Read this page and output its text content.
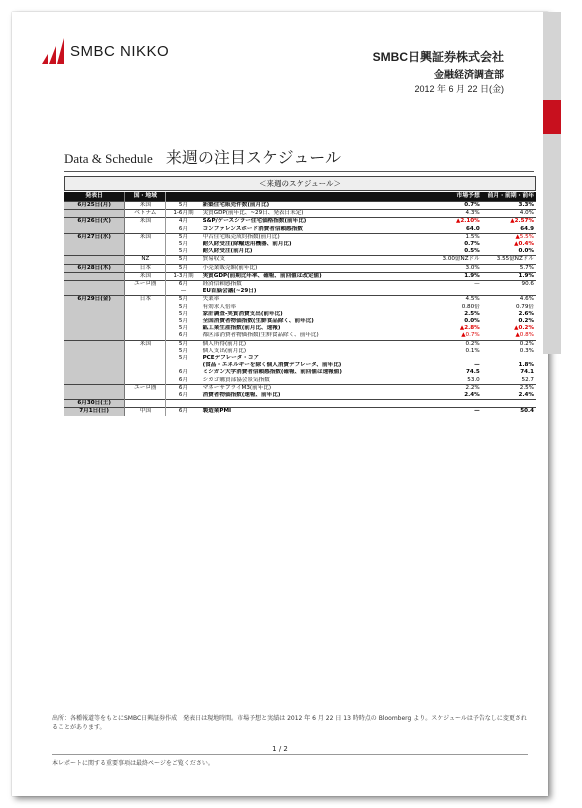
SMBC NIKKO	SMBC日興証券株式会社
金融経済調査部
2012 年 6 月 22 日(金)
Data & Schedule 来週の注目スケジュール
＜来週のスケジュール＞
発表日	国・地域			市場予想	前月・前期・前年
6月25日(月)	米国	5月	新築住宅販売件数(前月比)	0.7%	3.3%
	ベトナム	1-6月期	実質GDP(前年比、~29日、発表日未定)	4.3%	4.0%
6月26日(火)	米国	4月	S&P/ケースシラー住宅価格指数(前年比)	▲2.10%	▲2.57%
		6月	コンファレンスボード消費者信頼感指数	64.0	64.9
6月27日(水)	米国	5月	中古住宅販売成約指数(前月比)	1.5%	▲5.5%
		5月	耐久財受注(除輸送用機器、前月比)	0.7%	▲0.4%
		5月	耐久財受注(前月比)	0.5%	0.0%
	NZ	5月	貿易収支	3.00億NZドル	3.55億NZドル
6月28日(木)	日本	5月	小売業販売額(前年比)	3.0%	5.7%
	米国	1-3月期	実質GDP(前期比年率、確報、前回値は改定値)	1.9%	1.9%
	ユーロ圏	6月	経済信頼感指数	—	90.6
		—	EU首脳会議(~29日)		
6月29日(金)	日本	5月	失業率	4.5%	4.6%
		5月	有効求人倍率	0.80倍	0.79倍
		5月	家計調査-実質消費支出(前年比)	2.5%	2.6%
		5月	全国消費者物価指数(生鮮食品除く、前年比)	0.0%	0.2%
		5月	鉱工業生産指数(前月比、速報)	▲2.8%	▲0.2%
		6月	都区部消費者物価指数(生鮮食品除く、前年比)	▲0.7%	▲0.8%
	米国	5月	個人所得(前月比)	0.2%	0.2%
		5月	個人支出(前月比)	0.1%	0.3%
		5月	PCEデフレータ・コア		
			(食品・エネルギーを除く個人消費デフレータ、前年比)	—	1.8%
		6月	ミシガン大学消費者信頼感指数(確報、前回値は速報値)	74.5	74.1
		6月	シカゴ購買部協会景気指数	53.0	52.7
	ユーロ圏	6月	マネーサプライM3(前年比)	2.2%	2.5%
		6月	消費者物価指数(速報、前年比)	2.4%	2.4%
6月30日(土)					
7月1日(日)	中国	6月	製造業PMI	—	50.4
出所：各種報道等をもとにSMBC日興証券作成　発表日は現地時間。市場予想と実績は 2012 年 6 月 22 日 13 時時点の Bloomberg より。スケジュールは予告なしに変更されることがあります。
1 / 2
本レポートに関する重要事項は最終ページをご覧ください。
